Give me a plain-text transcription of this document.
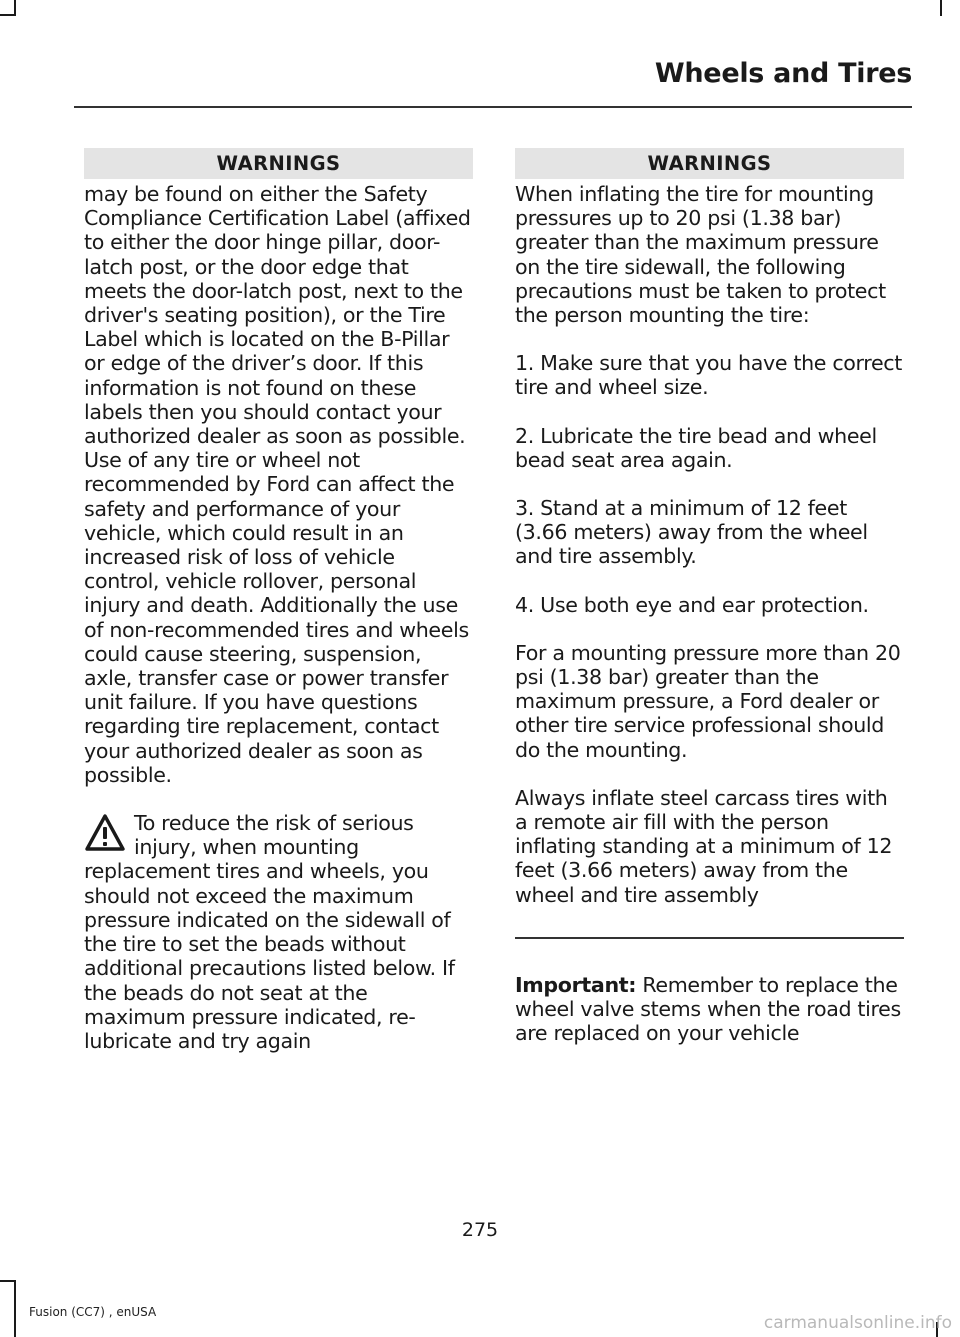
Wheels and Tires
WARNINGS

may be found on either the Safety Compliance Certification Label (affixed to either the door hinge pillar, door-latch post, or the door edge that meets the door-latch post, next to the driver's seating position), or the Tire Label which is located on the B-Pillar or edge of the driver’s door. If this information is not found on these labels then you should contact your authorized dealer as soon as possible. Use of any tire or wheel not recommended by Ford can affect the safety and performance of your vehicle, which could result in an increased risk of loss of vehicle control, vehicle rollover, personal injury and death. Additionally the use of non-recommended tires and wheels could cause steering, suspension, axle, transfer case or power transfer unit failure. If you have questions regarding tire replacement, contact your authorized dealer as soon as possible.

To reduce the risk of serious injury, when mounting replacement tires and wheels, you should not exceed the maximum pressure indicated on the sidewall of the tire to set the beads without additional precautions listed below. If the beads do not seat at the maximum pressure indicated, re-lubricate and try again

WARNINGS

When inflating the tire for mounting pressures up to 20 psi (1.38 bar) greater than the maximum pressure on the tire sidewall, the following precautions must be taken to protect the person mounting the tire:

1. Make sure that you have the correct tire and wheel size.

2. Lubricate the tire bead and wheel bead seat area again.

3. Stand at a minimum of 12 feet (3.66 meters) away from the wheel and tire assembly.

4. Use both eye and ear protection.

For a mounting pressure more than 20 psi (1.38 bar) greater than the maximum pressure, a Ford dealer or other tire service professional should do the mounting.

Always inflate steel carcass tires with a remote air fill with the person inflating standing at a minimum of 12 feet (3.66 meters) away from the wheel and tire assembly

Important: Remember to replace the wheel valve stems when the road tires are replaced on your vehicle

275
Fusion (CC7) , enUSA
carmanualsonline.info
